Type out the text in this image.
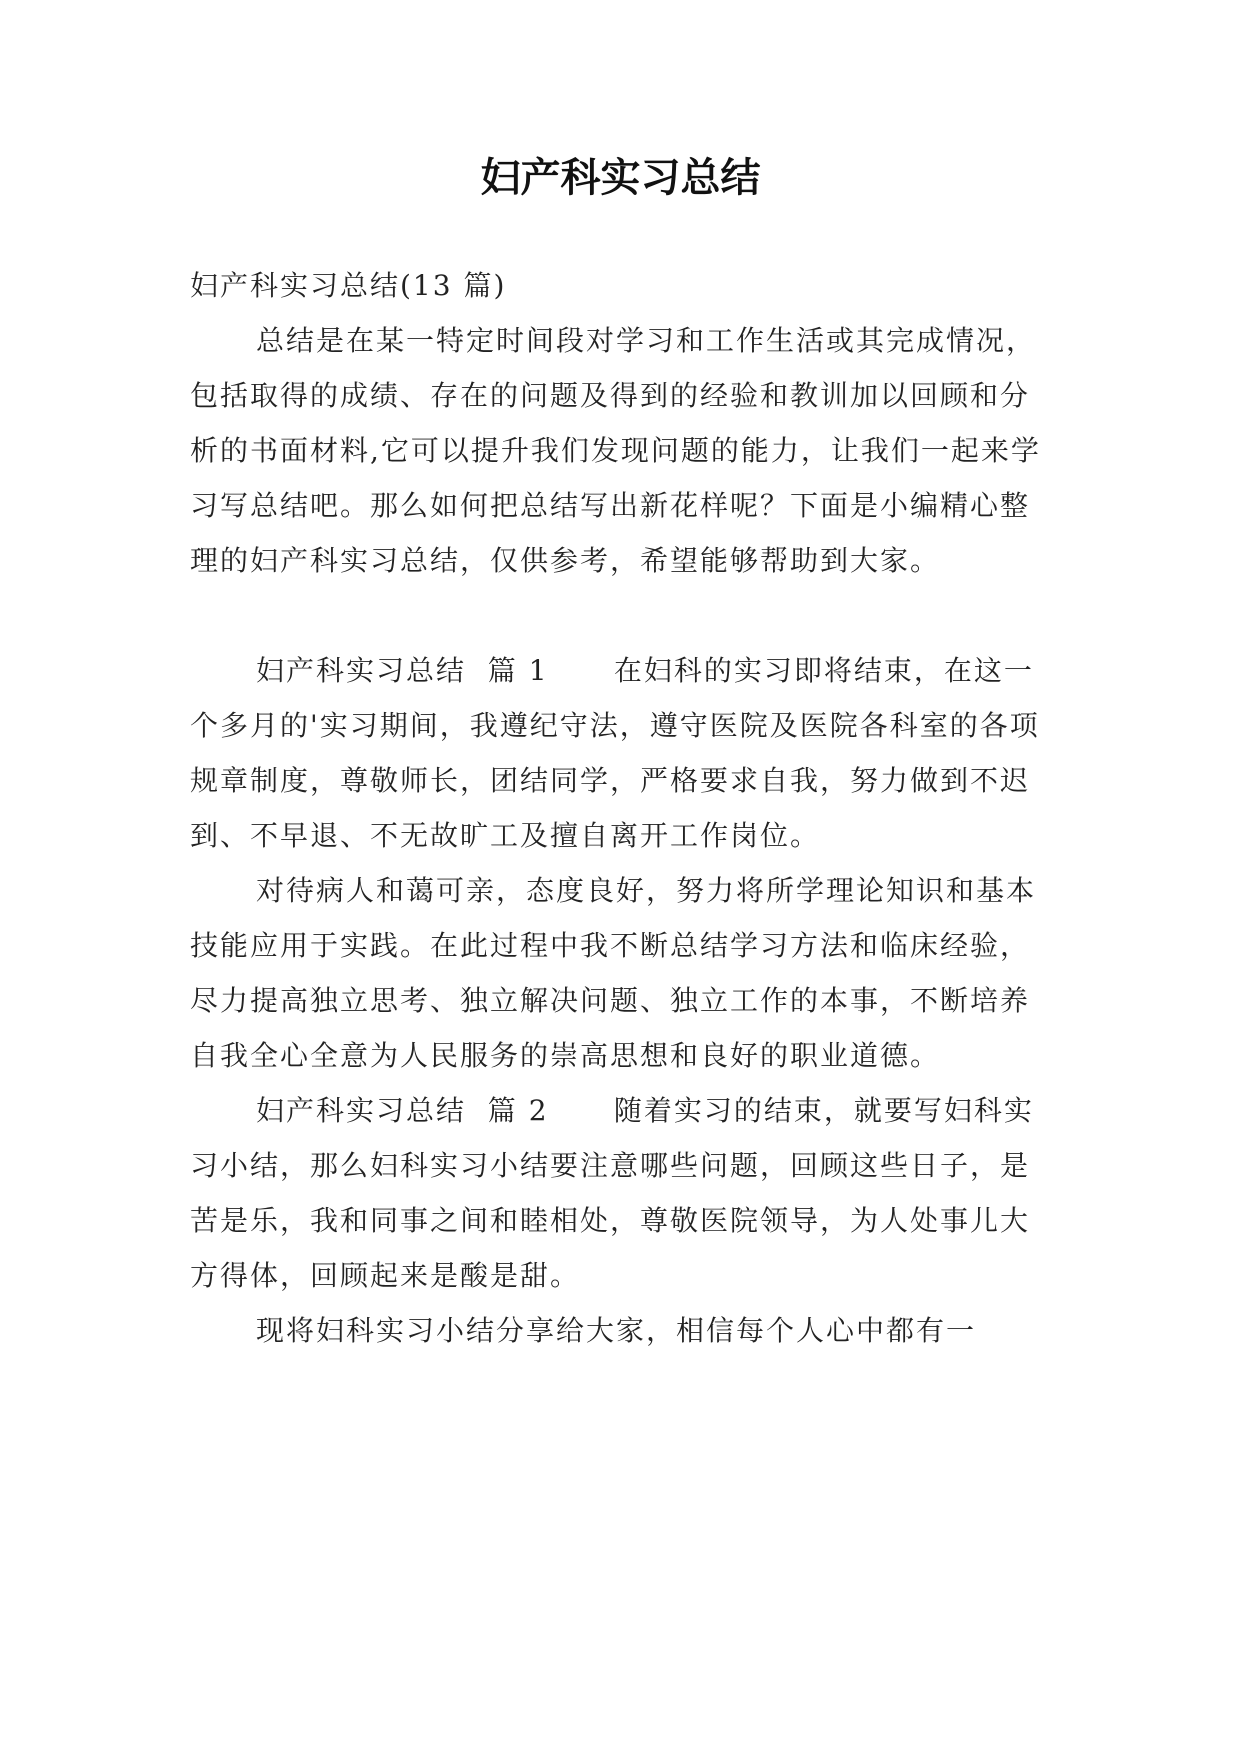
妇产科实习总结

妇产科实习总结(13 篇)

总结是在某一特定时间段对学习和工作生活或其完成情况，包括取得的成绩、存在的问题及得到的经验和教训加以回顾和分析的书面材料,它可以提升我们发现问题的能力，让我们一起来学习写总结吧。那么如何把总结写出新花样呢？下面是小编精心整理的妇产科实习总结，仅供参考，希望能够帮助到大家。

妇产科实习总结  篇 1      在妇科的实习即将结束，在这一个多月的'实习期间，我遵纪守法，遵守医院及医院各科室的各项规章制度，尊敬师长，团结同学，严格要求自我，努力做到不迟到、不早退、不无故旷工及擅自离开工作岗位。

对待病人和蔼可亲，态度良好，努力将所学理论知识和基本技能应用于实践。在此过程中我不断总结学习方法和临床经验，尽力提高独立思考、独立解决问题、独立工作的本事，不断培养自我全心全意为人民服务的崇高思想和良好的职业道德。

妇产科实习总结  篇 2      随着实习的结束，就要写妇科实习小结，那么妇科实习小结要注意哪些问题，回顾这些日子，是苦是乐，我和同事之间和睦相处，尊敬医院领导，为人处事儿大方得体，回顾起来是酸是甜。

现将妇科实习小结分享给大家，相信每个人心中都有一
